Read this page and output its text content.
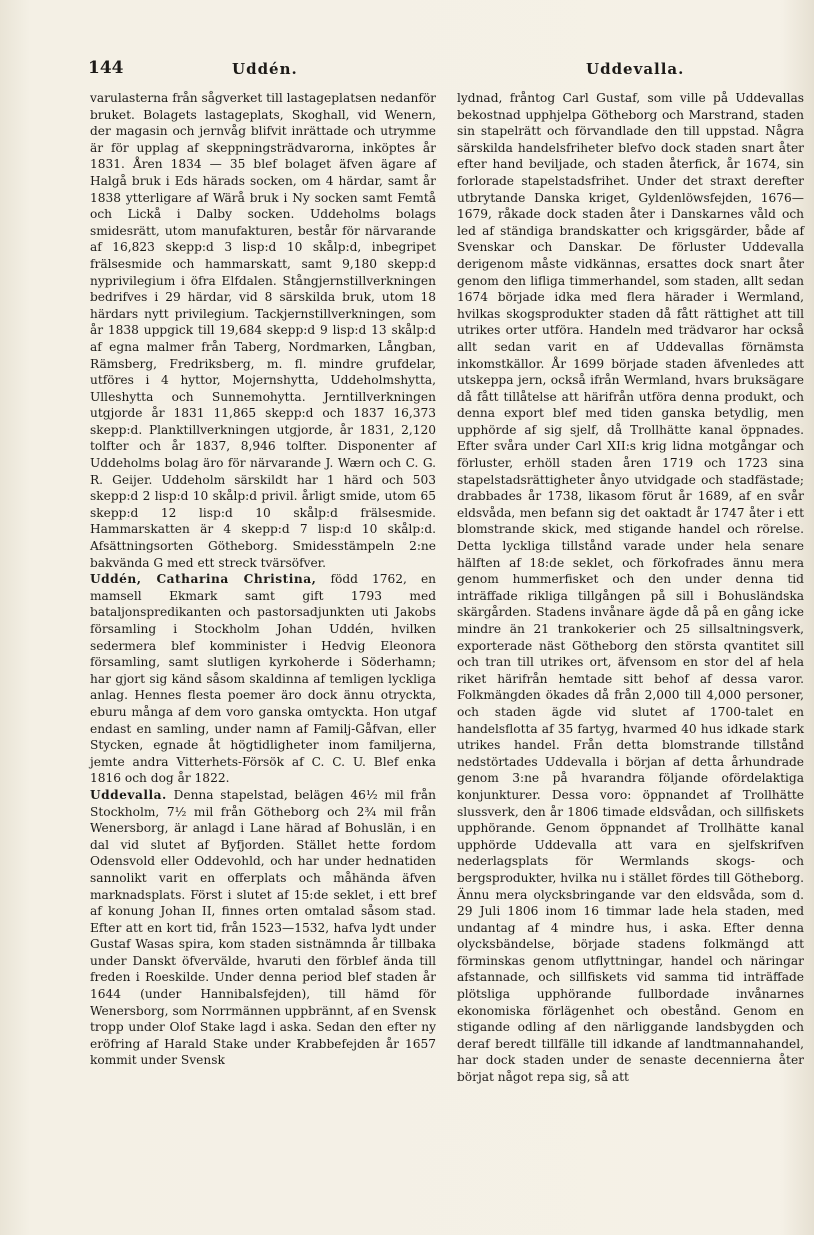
144	Uddén.	Uddevalla.

varulasterna från sågverket till lastageplatsen nedanför bruket. Bolagets lastageplats, Skoghall, vid Wenern, der magasin och jernvåg blifvit inrättade och utrymme är för upplag af skeppningsträdvarorna, inköptes år 1831. Åren 1834 — 35 blef bolaget äfven ägare af Halgå bruk i Eds härads socken, om 4 härdar, samt år 1838 ytterligare af Wärå bruk i Ny socken samt Femtå och Lickå i Dalby socken. Uddeholms bolags smidesrätt, utom manufakturen, består för närvarande af 16,823 skepp:d 3 lisp:d 10 skålp:d, inbegripet frälsesmide och hammarskatt, samt 9,180 skepp:d nyprivilegium i öfra Elfdalen. Stångjernstillverkningen bedrifves i 29 härdar, vid 8 särskilda bruk, utom 18 härdars nytt privilegium. Tackjernstillverkningen, som år 1838 uppgick till 19,684 skepp:d 9 lisp:d 13 skålp:d af egna malmer från Taberg, Nordmarken, Långban, Rämsberg, Fredriksberg, m. fl. mindre grufdelar, utföres i 4 hyttor, Mojernshytta, Uddeholmshytta, Ulleshytta och Sunnemohytta. Jerntillverkningen utgjorde år 1831 11,865 skepp:d och 1837 16,373 skepp:d. Planktillverkningen utgjorde, år 1831, 2,120 tolfter och år 1837, 8,946 tolfter. Disponenter af Uddeholms bolag äro för närvarande J. Wærn och C. G. R. Geijer. Uddeholm särskildt har 1 härd och 503 skepp:d 2 lisp:d 10 skålp:d privil. årligt smide, utom 65 skepp:d 12 lisp:d 10 skålp:d frälsesmide. Hammarskatten är 4 skepp:d 7 lisp:d 10 skålp:d. Afsättningsorten Götheborg. Smidesstämpeln 2:ne bakvända G med ett streck tvärsöfver.

Uddén, Catharina Christina, född 1762, en mamsell Ekmark samt gift 1793 med bataljonspredikanten och pastorsadjunkten uti Jakobs församling i Stockholm Johan Uddén, hvilken sedermera blef komminister i Hedvig Eleonora församling, samt slutligen kyrkoherde i Söderhamn; har gjort sig känd såsom skaldinna af temligen lyckliga anlag. Hennes flesta poemer äro dock ännu otryckta, eburu många af dem voro ganska omtyckta. Hon utgaf endast en samling, under namn af Familj-Gåfvan, eller Stycken, egnade åt högtidligheter inom familjerna, jemte andra Vitterhets-Försök af C. C. U. Blef enka 1816 och dog år 1822.

Uddevalla. Denna stapelstad, belägen 46½ mil från Stockholm, 7½ mil från Götheborg och 2¾ mil från Wenersborg, är anlagd i Lane härad af Bohuslän, i en dal vid slutet af Byfjorden. Stället hette fordom Odensvold eller Oddevohld, och har under hednatiden sannolikt varit en offerplats och måhända äfven marknadsplats. Först i slutet af 15:de seklet, i ett bref af konung Johan II, finnes orten omtalad såsom stad. Efter att en kort tid, från 1523—1532, hafva lydt under Gustaf Wasas spira, kom staden sistnämnda år tillbaka under Danskt öfvervälde, hvaruti den förblef ända till freden i Roeskilde. Under denna period blef staden år 1644 (under Hannibalsfejden), till hämd för Wenersborg, som Norrmännen uppbrännt, af en Svensk tropp under Olof Stake lagd i aska. Sedan den efter ny eröfring af Harald Stake under Krabbefejden år 1657 kommit under Svensk

lydnad, fråntog Carl Gustaf, som ville på Uddevallas bekostnad upphjelpa Götheborg och Marstrand, staden sin stapelrätt och förvandlade den till uppstad. Några särskilda handelsfriheter blefvo dock staden snart åter efter hand beviljade, och staden återfick, år 1674, sin forlorade stapelstadsfrihet. Under det straxt derefter utbrytande Danska kriget, Gyldenlöwsfejden, 1676—1679, råkade dock staden åter i Danskarnes våld och led af ständiga brandskatter och krigsgärder, både af Svenskar och Danskar. De förluster Uddevalla derigenom måste vidkännas, ersattes dock snart åter genom den lifliga timmerhandel, som staden, allt sedan 1674 började idka med flera härader i Wermland, hvilkas skogsprodukter staden då fått rättighet att till utrikes orter utföra. Handeln med trädvaror har också allt sedan varit en af Uddevallas förnämsta inkomstkällor. År 1699 började staden äfvenledes att utskeppa jern, också ifrån Wermland, hvars bruksägare då fått tillåtelse att härifrån utföra denna produkt, och denna export blef med tiden ganska betydlig, men upphörde af sig sjelf, då Trollhätte kanal öppnades. Efter svåra under Carl XII:s krig lidna motgångar och förluster, erhöll staden åren 1719 och 1723 sina stapelstadsrättigheter ånyo utvidgade och stadfästade; drabbades år 1738, likasom förut år 1689, af en svår eldsvåda, men befann sig det oaktadt år 1747 åter i ett blomstrande skick, med stigande handel och rörelse. Detta lyckliga tillstånd varade under hela senare hälften af 18:de seklet, och förkofrades ännu mera genom hummerfisket och den under denna tid inträffade rikliga tillgången på sill i Bohusländska skärgården. Stadens invånare ägde då på en gång icke mindre än 21 trankokerier och 25 sillsaltningsverk, exporterade näst Götheborg den största qvantitet sill och tran till utrikes ort, äfvensom en stor del af hela riket härifrån hemtade sitt behof af dessa varor. Folkmängden ökades då från 2,000 till 4,000 personer, och staden ägde vid slutet af 1700-talet en handelsflotta af 35 fartyg, hvarmed 40 hus idkade stark utrikes handel. Från detta blomstrande tillstånd nedstörtades Uddevalla i början af detta århundrade genom 3:ne på hvarandra följande ofördelaktiga konjunkturer. Dessa voro: öppnandet af Trollhätte slussverk, den år 1806 timade eldsvådan, och sillfiskets upphörande. Genom öppnandet af Trollhätte kanal upphörde Uddevalla att vara en sjelfskrifven nederlagsplats för Wermlands skogs- och bergsprodukter, hvilka nu i stället fördes till Götheborg. Ännu mera olycksbringande var den eldsvåda, som d. 29 Juli 1806 inom 16 timmar lade hela staden, med undantag af 4 mindre hus, i aska. Efter denna olycksbändelse, började stadens folkmängd att förminskas genom utflyttningar, handel och näringar afstannade, och sillfiskets vid samma tid inträffade plötsliga upphörande fullbordade invånarnes ekonomiska förlägenhet och obestånd. Genom en stigande odling af den närliggande landsbygden och deraf beredt tillfälle till idkande af landtmannahandel, har dock staden under de senaste decennierna åter börjat något repa sig, så att
